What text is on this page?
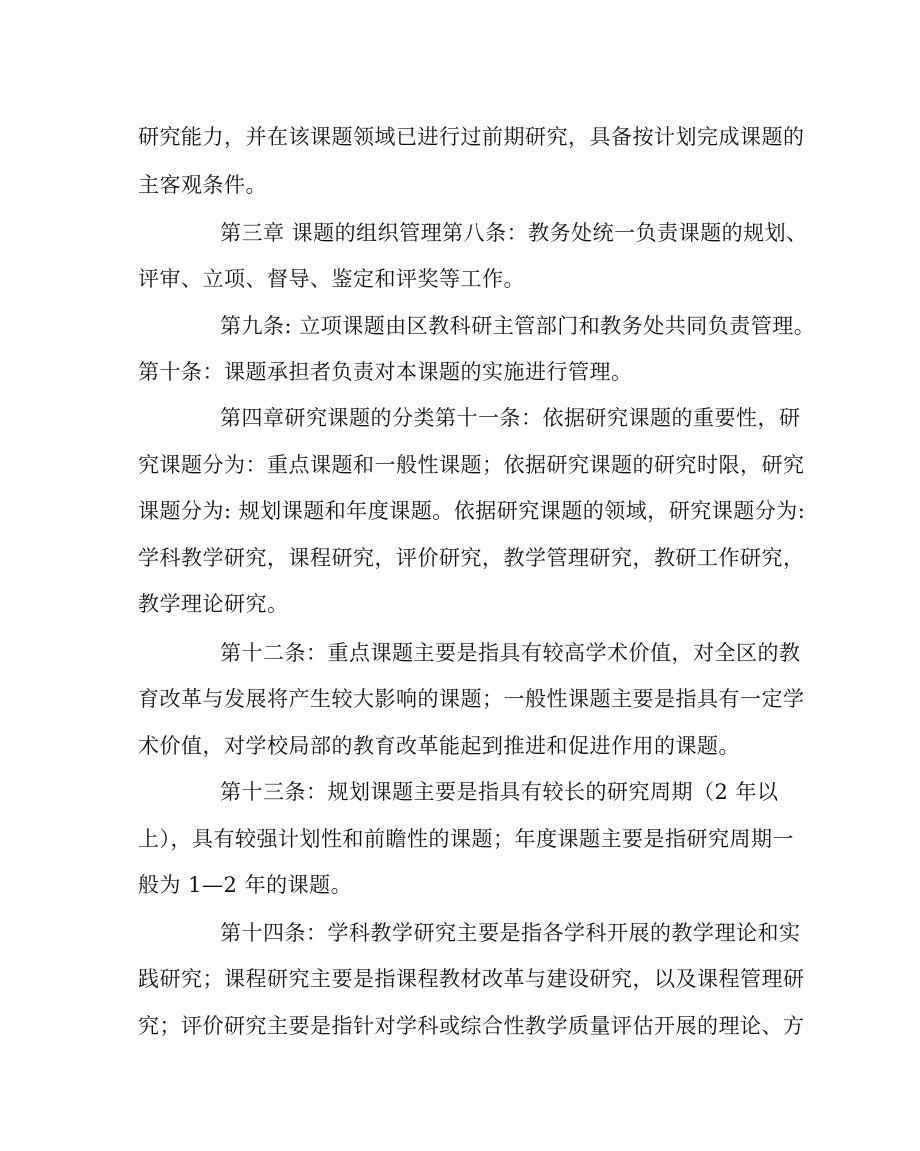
研究能力，并在该课题领域已进行过前期研究，具备按计划完成课题的
主客观条件。
第三章 课题的组织管理第八条：教务处统一负责课题的规划、
评审、立项、督导、鉴定和评奖等工作。
第九条: 立项课题由区教科研主管部门和教务处共同负责管理。
第十条：课题承担者负责对本课题的实施进行管理。
第四章研究课题的分类第十一条：依据研究课题的重要性，研
究课题分为：重点课题和一般性课题；依据研究课题的研究时限，研究
课题分为: 规划课题和年度课题。依据研究课题的领域，研究课题分为:
学科教学研究，课程研究，评价研究，教学管理研究，教研工作研究，
教学理论研究。
第十二条：重点课题主要是指具有较高学术价值，对全区的教
育改革与发展将产生较大影响的课题；一般性课题主要是指具有一定学
术价值，对学校局部的教育改革能起到推进和促进作用的课题。
第十三条：规划课题主要是指具有较长的研究周期（2 年以
上），具有较强计划性和前瞻性的课题；年度课题主要是指研究周期一
般为 1—2 年的课题。
第十四条：学科教学研究主要是指各学科开展的教学理论和实
践研究；课程研究主要是指课程教材改革与建设研究，以及课程管理研
究；评价研究主要是指针对学科或综合性教学质量评估开展的理论、方
